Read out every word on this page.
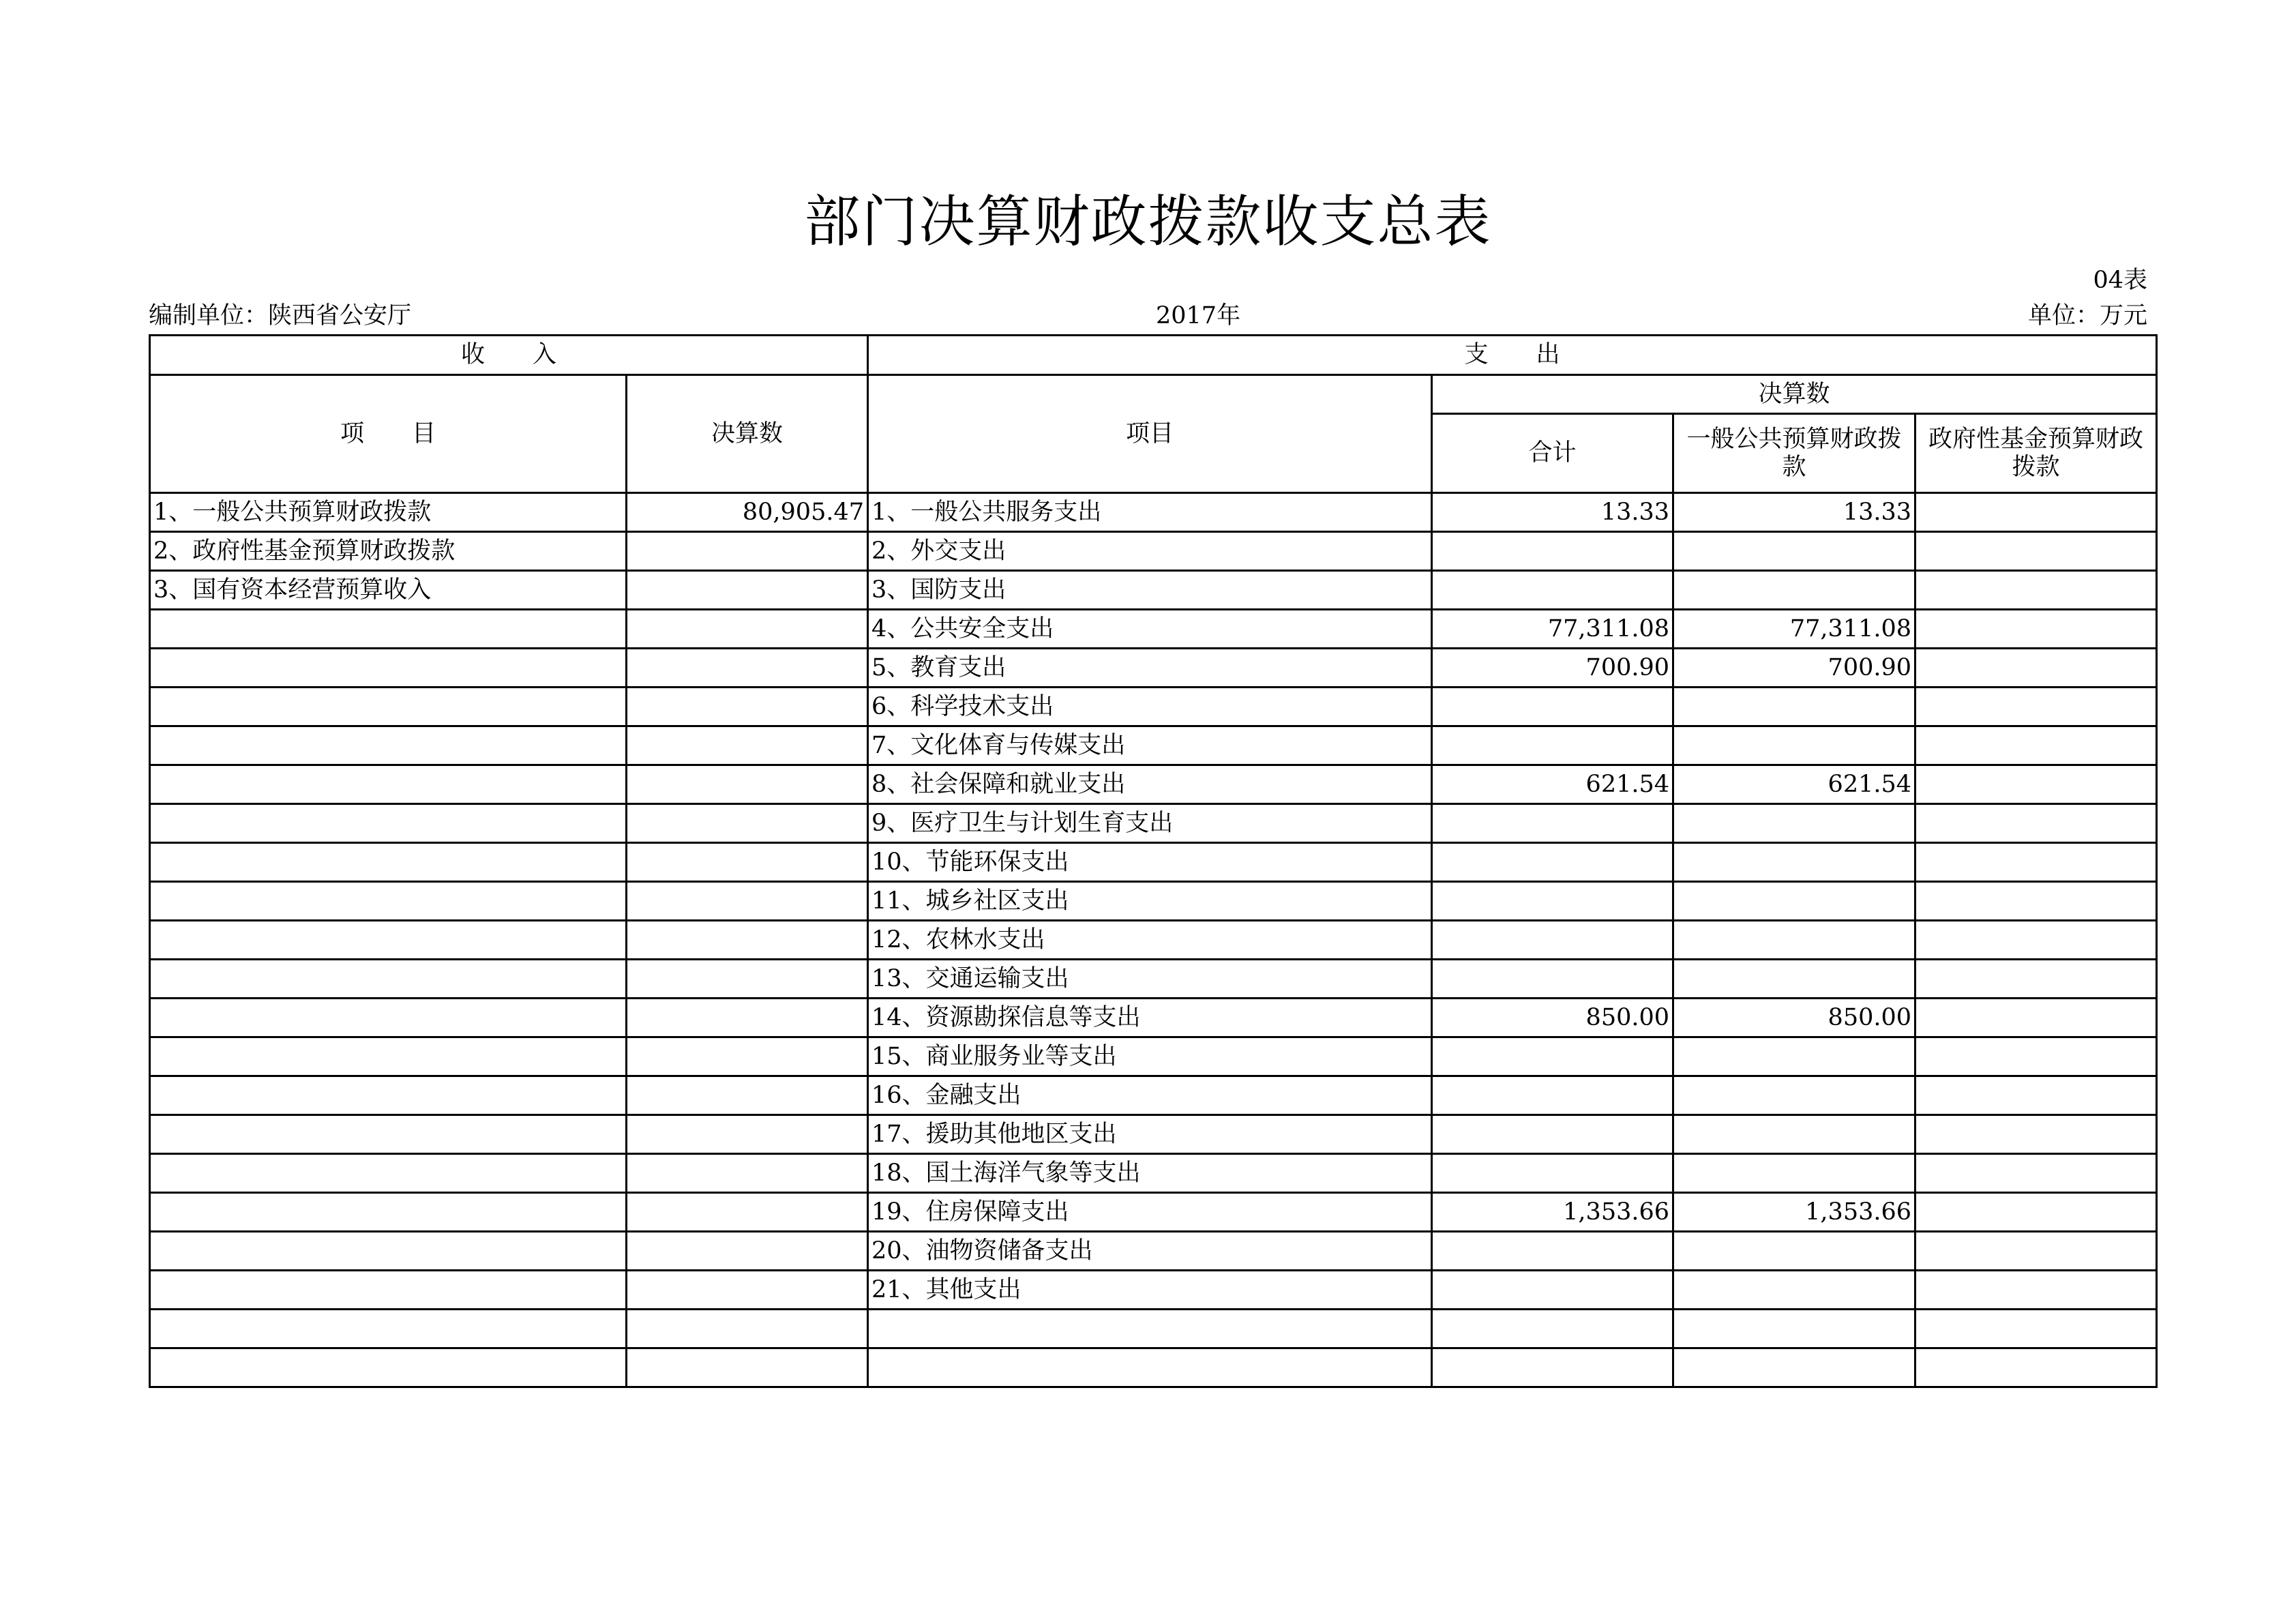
部门决算财政拨款收支总表
04表
编制单位：陕西省公安厅	2017年	单位：万元
收　　入		支　　出			
项　　目	决算数	项目	决算数		
			合计	一般公共预算财政拨款	政府性基金预算财政拨款
1、一般公共预算财政拨款	80,905.47	1、一般公共服务支出	13.33	13.33	
2、政府性基金预算财政拨款		2、外交支出			
3、国有资本经营预算收入		3、国防支出			
		4、公共安全支出	77,311.08	77,311.08	
		5、教育支出	700.90	700.90	
		6、科学技术支出			
		7、文化体育与传媒支出			
		8、社会保障和就业支出	621.54	621.54	
		9、医疗卫生与计划生育支出			
		10、节能环保支出			
		11、城乡社区支出			
		12、农林水支出			
		13、交通运输支出			
		14、资源勘探信息等支出	850.00	850.00	
		15、商业服务业等支出			
		16、金融支出			
		17、援助其他地区支出			
		18、国土海洋气象等支出			
		19、住房保障支出	1,353.66	1,353.66	
		20、油物资储备支出			
		21、其他支出			
